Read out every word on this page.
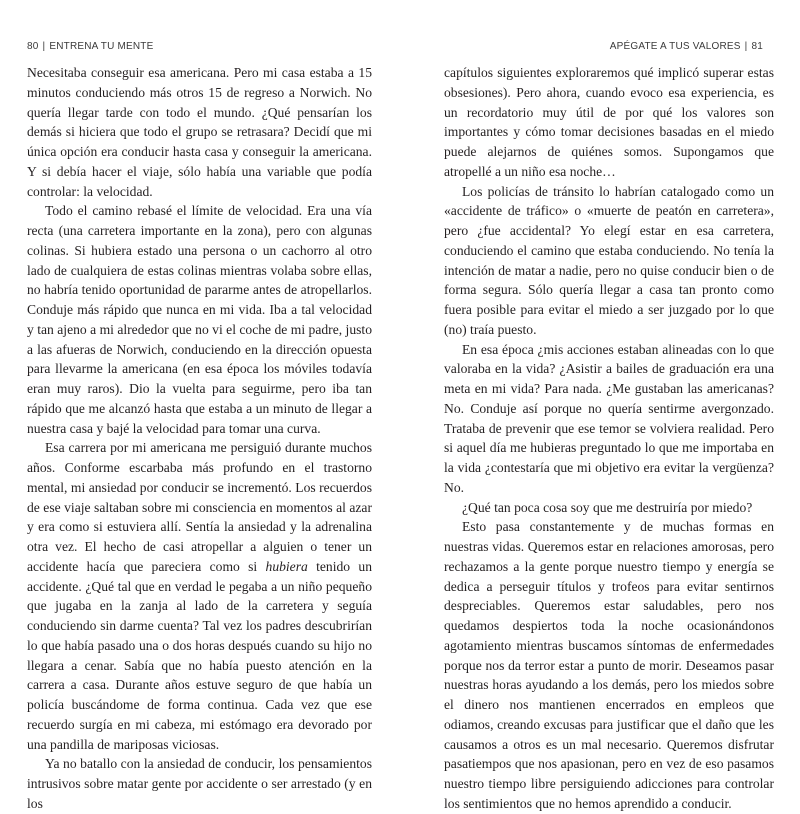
80 | ENTRENA TU MENTE

Necesitaba conseguir esa americana. Pero mi casa estaba a 15 minutos conduciendo más otros 15 de regreso a Norwich. No quería llegar tarde con todo el mundo. ¿Qué pensarían los demás si hiciera que todo el grupo se retrasara? Decidí que mi única opción era conducir hasta casa y conseguir la americana. Y si debía hacer el viaje, sólo había una variable que podía controlar: la velocidad.

Todo el camino rebasé el límite de velocidad. Era una vía recta (una carretera importante en la zona), pero con algunas colinas. Si hubiera estado una persona o un cachorro al otro lado de cualquiera de estas colinas mientras volaba sobre ellas, no habría tenido oportunidad de pararme antes de atropellarlos. Conduje más rápido que nunca en mi vida. Iba a tal velocidad y tan ajeno a mi alrededor que no vi el coche de mi padre, justo a las afueras de Norwich, conduciendo en la dirección opuesta para llevarme la americana (en esa época los móviles todavía eran muy raros). Dio la vuelta para seguirme, pero iba tan rápido que me alcanzó hasta que estaba a un minuto de llegar a nuestra casa y bajé la velocidad para tomar una curva.

Esa carrera por mi americana me persiguió durante muchos años. Conforme escarbaba más profundo en el trastorno mental, mi ansiedad por conducir se incrementó. Los recuerdos de ese viaje saltaban sobre mi consciencia en momentos al azar y era como si estuviera allí. Sentía la ansiedad y la adrenalina otra vez. El hecho de casi atropellar a alguien o tener un accidente hacía que pareciera como si hubiera tenido un accidente. ¿Qué tal que en verdad le pegaba a un niño pequeño que jugaba en la zanja al lado de la carretera y seguía conduciendo sin darme cuenta? Tal vez los padres descubrirían lo que había pasado una o dos horas después cuando su hijo no llegara a cenar. Sabía que no había puesto atención en la carrera a casa. Durante años estuve seguro de que había un policía buscándome de forma continua. Cada vez que ese recuerdo surgía en mi cabeza, mi estómago era devorado por una pandilla de mariposas viciosas.

Ya no batallo con la ansiedad de conducir, los pensamientos intrusivos sobre matar gente por accidente o ser arrestado (y en los

APÉGATE A TUS VALORES | 81

capítulos siguientes exploraremos qué implicó superar estas obsesiones). Pero ahora, cuando evoco esa experiencia, es un recordatorio muy útil de por qué los valores son importantes y cómo tomar decisiones basadas en el miedo puede alejarnos de quiénes somos. Supongamos que atropellé a un niño esa noche…

Los policías de tránsito lo habrían catalogado como un «accidente de tráfico» o «muerte de peatón en carretera», pero ¿fue accidental? Yo elegí estar en esa carretera, conduciendo el camino que estaba conduciendo. No tenía la intención de matar a nadie, pero no quise conducir bien o de forma segura. Sólo quería llegar a casa tan pronto como fuera posible para evitar el miedo a ser juzgado por lo que (no) traía puesto.

En esa época ¿mis acciones estaban alineadas con lo que valoraba en la vida? ¿Asistir a bailes de graduación era una meta en mi vida? Para nada. ¿Me gustaban las americanas? No. Conduje así porque no quería sentirme avergonzado. Trataba de prevenir que ese temor se volviera realidad. Pero si aquel día me hubieras preguntado lo que me importaba en la vida ¿contestaría que mi objetivo era evitar la vergüenza? No.

¿Qué tan poca cosa soy que me destruiría por miedo?

Esto pasa constantemente y de muchas formas en nuestras vidas. Queremos estar en relaciones amorosas, pero rechazamos a la gente porque nuestro tiempo y energía se dedica a perseguir títulos y trofeos para evitar sentirnos despreciables. Queremos estar saludables, pero nos quedamos despiertos toda la noche ocasionándonos agotamiento mientras buscamos síntomas de enfermedades porque nos da terror estar a punto de morir. Deseamos pasar nuestras horas ayudando a los demás, pero los miedos sobre el dinero nos mantienen encerrados en empleos que odiamos, creando excusas para justificar que el daño que les causamos a otros es un mal necesario. Queremos disfrutar pasatiempos que nos apasionan, pero en vez de eso pasamos nuestro tiempo libre persiguiendo adicciones para controlar los sentimientos que no hemos aprendido a conducir.
